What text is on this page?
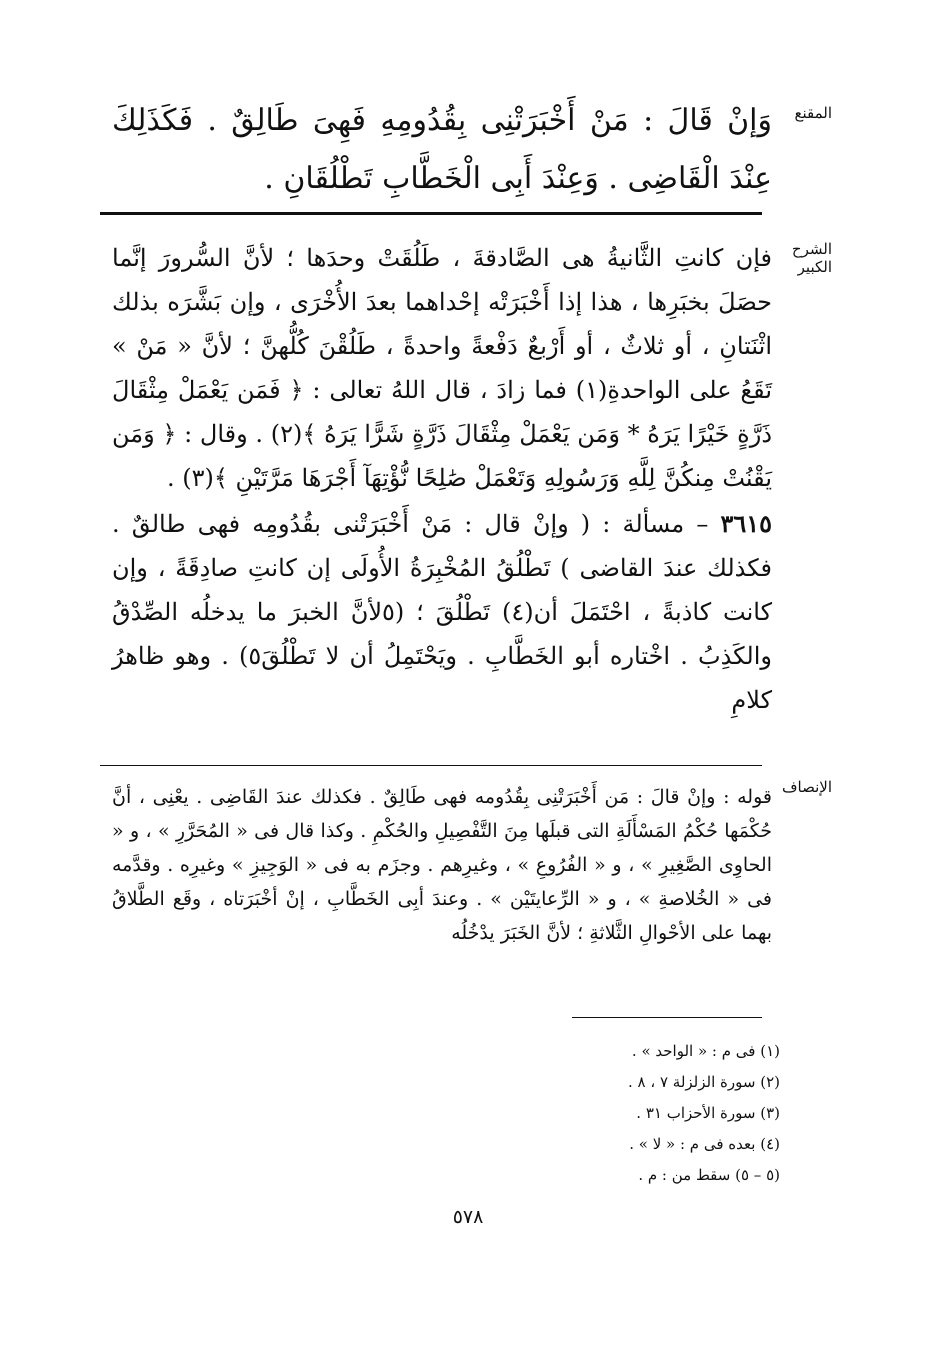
المقنع
وَإنْ قَالَ : مَنْ أَخْبَرَتْنِى بِقُدُومِهِ فَهِىَ طَالِقٌ . فَكَذَلِكَ عِنْدَ الْقَاضِى . وَعِنْدَ أَبِى الْخَطَّابِ تَطْلُقَانِ .
الشرح الكبير

فإن كانتِ الثَّانيةُ هى الصَّادقةَ ، طَلُقَتْ وحدَها ؛ لأنَّ السُّرورَ إنَّما حصَلَ بخبَرِها ، هذا إذا أَخْبَرَتْه إحْداهما بعدَ الأُخْرَى ، وإن بَشَّرَه بذلك اثْنَتانِ ، أو ثلاثٌ ، أو أَرْبعٌ دَفْعةً واحدةً ، طَلُقْنَ كُلُّهنَّ ؛ لأنَّ « مَنْ » تَقَعُ على الواحدةِ(١) فما زادَ ، قال اللهُ تعالى : ﴿ فَمَن يَعْمَلْ مِثْقَالَ ذَرَّةٍ خَيْرًا يَرَهُ * وَمَن يَعْمَلْ مِثْقَالَ ذَرَّةٍ شَرًّا يَرَهُ ﴾(٢) . وقال : ﴿ وَمَن يَقْنُتْ مِنكُنَّ لِلَّهِ وَرَسُولِهِ وَتَعْمَلْ صَٰلِحًا نُّؤْتِهَآ أَجْرَهَا مَرَّتَيْنِ ﴾(٣) .

٣٦١٥ – مسألة : ( وإنْ قال : مَنْ أَخْبَرَتْنى بقُدُومِه فهى طالقٌ . فكذلك عندَ القاضى ) تَطْلُقُ المُخْبِرَةُ الأُولَى إن كانتِ صادِقَةً ، وإن كانت كاذبةً ، احْتَمَلَ أن(٤) تَطْلُقَ ؛ (٥لأنَّ الخبرَ ما يدخلُه الصِّدْقُ والكَذِبُ . اخْتاره أبو الخَطَّابِ . ويَحْتَمِلُ أن لا تَطْلُقَ٥) . وهو ظاهرُ كلامِ

الإنصاف
قوله : وإنْ قالَ : مَن أَخْبَرَتْنِى بِقُدُومه فهى طَالِقٌ . فكذلك عندَ القَاضِى . يعْنِى ، أنَّ حُكْمَها حُكْمُ المَسْأَلَةِ التى قبلَها مِنَ التَّفْصِيلِ والحُكْمِ . وكذا قال فى « المُحَرَّرِ » ، و « الحاوِى الصَّغِيرِ » ، و « الفُرُوعِ » ، وغيرِهم . وجزَم به فى « الوَجِيزِ » وغيرِه . وقدَّمه فى « الخُلاصةِ » ، و « الرِّعايتَيْن » . وعندَ أبِى الخَطَّابِ ، إنْ أخْبَرَتاه ، وقَع الطَّلاقُ بهما على الأحْوالِ الثَّلاثةِ ؛ لأنَّ الخَبَرَ يدْخُلُه
(١) فى م : « الواحد » .
(٢) سورة الزلزلة ٧ ، ٨ .
(٣) سورة الأحزاب ٣١ .
(٤) بعده فى م : « لا » .
(٥ – ٥) سقط من : م .
٥٧٨
